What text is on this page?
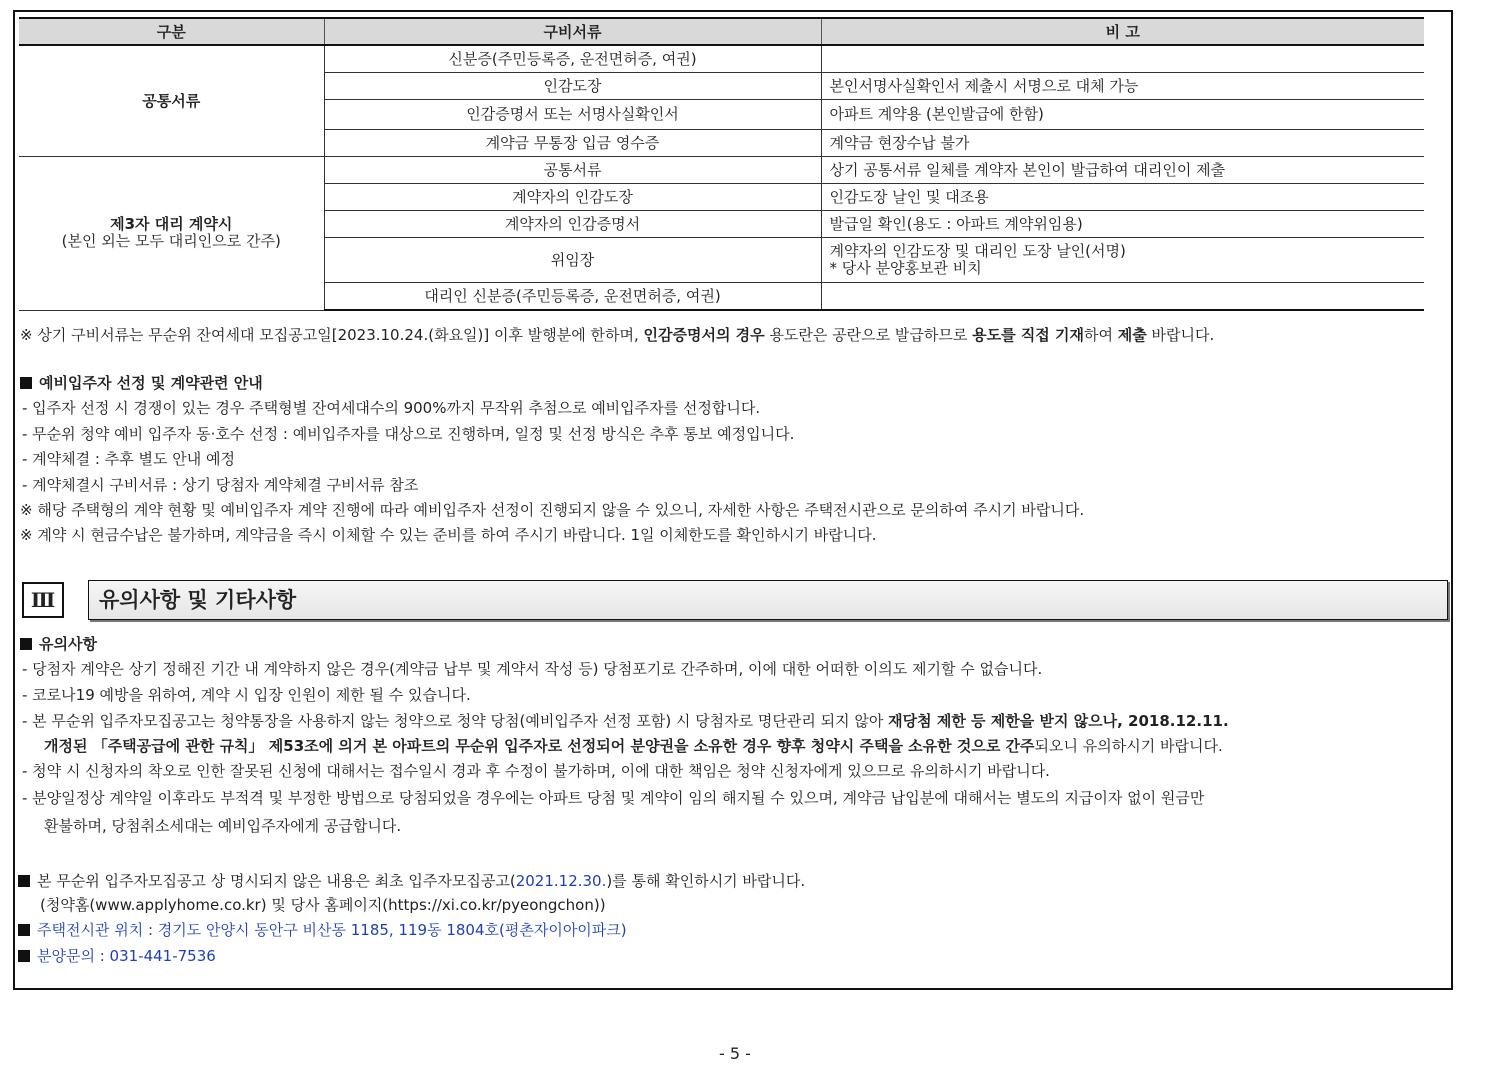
구분	구비서류	비 고
공통서류	신분증(주민등록증, 운전면허증, 여권)	
	인감도장	본인서명사실확인서 제출시 서명으로 대체 가능
	인감증명서 또는 서명사실확인서	아파트 계약용 (본인발급에 한함)
	계약금 무통장 입금 영수증	계약금 현장수납 불가
제3자 대리 계약시
(본인 외는 모두 대리인으로 간주)	공통서류	상기 공통서류 일체를 계약자 본인이 발급하여 대리인이 제출
	계약자의 인감도장	인감도장 날인 및 대조용
	계약자의 인감증명서	발급일 확인(용도 : 아파트 계약위임용)
	위임장	계약자의 인감도장 및 대리인 도장 날인(서명)
* 당사 분양홍보관 비치
	대리인 신분증(주민등록증, 운전면허증, 여권)	
※ 상기 구비서류는 무순위 잔여세대 모집공고일[2023.10.24.(화요일)] 이후 발행분에 한하며, 인감증명서의 경우 용도란은 공란으로 발급하므로 용도를 직접 기재하여 제출 바랍니다.
예비입주자 선정 및 계약관련 안내
- 입주자 선정 시 경쟁이 있는 경우 주택형별 잔여세대수의 900%까지 무작위 추첨으로 예비입주자를 선정합니다.
- 무순위 청약 예비 입주자 동·호수 선정 : 예비입주자를 대상으로 진행하며, 일정 및 선정 방식은 추후 통보 예정입니다.
- 계약체결 : 추후 별도 안내 예정
- 계약체결시 구비서류 : 상기 당첨자 계약체결 구비서류 참조
※ 해당 주택형의 계약 현황 및 예비입주자 계약 진행에 따라 예비입주자 선정이 진행되지 않을 수 있으니, 자세한 사항은 주택전시관으로 문의하여 주시기 바랍니다.
※ 계약 시 현금수납은 불가하며, 계약금을 즉시 이체할 수 있는 준비를 하여 주시기 바랍니다. 1일 이체한도를 확인하시기 바랍니다.
Ⅲ	유의사항 및 기타사항
유의사항
- 당첨자 계약은 상기 정해진 기간 내 계약하지 않은 경우(계약금 납부 및 계약서 작성 등) 당첨포기로 간주하며, 이에 대한 어떠한 이의도 제기할 수 없습니다.
- 코로나19 예방을 위하여, 계약 시 입장 인원이 제한 될 수 있습니다.
- 본 무순위 입주자모집공고는 청약통장을 사용하지 않는 청약으로 청약 당첨(예비입주자 선정 포함) 시 당첨자로 명단관리 되지 않아 재당첨 제한 등 제한을 받지 않으나, 2018.12.11.
개정된 「주택공급에 관한 규칙」 제53조에 의거 본 아파트의 무순위 입주자로 선정되어 분양권을 소유한 경우 향후 청약시 주택을 소유한 것으로 간주되오니 유의하시기 바랍니다.
- 청약 시 신청자의 착오로 인한 잘못된 신청에 대해서는 접수일시 경과 후 수정이 불가하며, 이에 대한 책임은 청약 신청자에게 있으므로 유의하시기 바랍니다.
- 분양일정상 계약일 이후라도 부적격 및 부정한 방법으로 당첨되었을 경우에는 아파트 당첨 및 계약이 임의 해지될 수 있으며, 계약금 납입분에 대해서는 별도의 지급이자 없이 원금만
환불하며, 당첨취소세대는 예비입주자에게 공급합니다.
본 무순위 입주자모집공고 상 명시되지 않은 내용은 최초 입주자모집공고(2021.12.30.)를 통해 확인하시기 바랍니다.
(청약홈(www.applyhome.co.kr) 및 당사 홈페이지(https://xi.co.kr/pyeongchon))
주택전시관 위치 : 경기도 안양시 동안구 비산동 1185, 119동 1804호(평촌자이아이파크)
분양문의 : 031-441-7536
- 5 -
